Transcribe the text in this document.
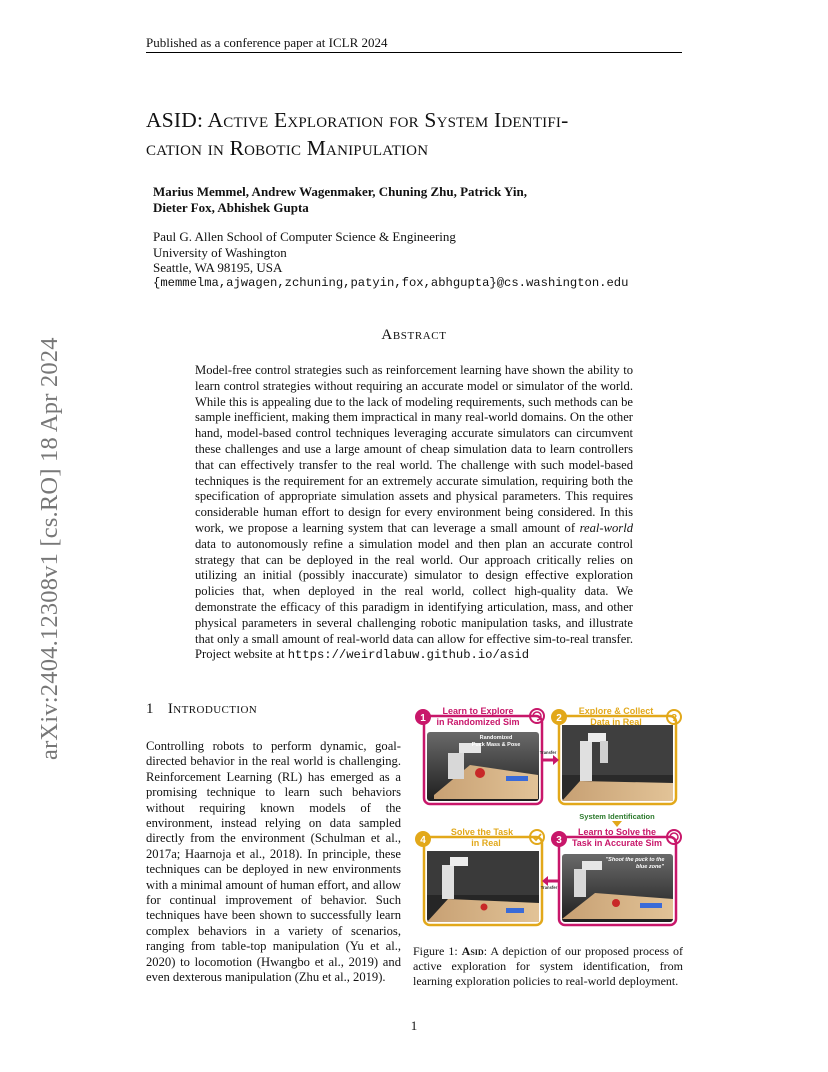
Published as a conference paper at ICLR 2024
ASID: Active Exploration for System Identifi-
cation in Robotic Manipulation
Marius Memmel, Andrew Wagenmaker, Chuning Zhu, Patrick Yin,
Dieter Fox, Abhishek Gupta
Paul G. Allen School of Computer Science & Engineering
University of Washington
Seattle, WA 98195, USA
{memmelma,ajwagen,zchuning,patyin,fox,abhgupta}@cs.washington.edu
arXiv:2404.12308v1 [cs.RO] 18 Apr 2024
Abstract
Model-free control strategies such as reinforcement learning have shown the ability to learn control strategies without requiring an accurate model or simulator of the world. While this is appealing due to the lack of modeling requirements, such methods can be sample inefficient, making them impractical in many real-world domains. On the other hand, model-based control techniques leveraging accurate simulators can circumvent these challenges and use a large amount of cheap simulation data to learn controllers that can effectively transfer to the real world. The challenge with such model-based techniques is the requirement for an extremely accurate simulation, requiring both the specification of appropriate simulation assets and physical parameters. This requires considerable human effort to design for every environment being considered. In this work, we propose a learning system that can leverage a small amount of real-world data to autonomously refine a simulation model and then plan an accurate control strategy that can be deployed in the real world. Our approach critically relies on utilizing an initial (possibly inaccurate) simulator to design effective exploration policies that, when deployed in the real world, collect high-quality data. We demonstrate the efficacy of this paradigm in identifying articulation, mass, and other physical parameters in several challenging robotic manipulation tasks, and illustrate that only a small amount of real-world data can allow for effective sim-to-real transfer. Project website at https://weirdlabuw.github.io/asid
1 Introduction
Controlling robots to perform dynamic, goal-directed behavior in the real world is challenging. Reinforcement Learning (RL) has emerged as a promising technique to learn such behaviors without requiring known models of the environment, instead relying on data sampled directly from the environment (Schulman et al., 2017a; Haarnoja et al., 2018). In principle, these techniques can be deployed in new environments with a minimal amount of human effort, and allow for continual improvement of behavior. Such techniques have been shown to successfully learn complex behaviors in a variety of scenarios, ranging from table-top manipulation (Yu et al., 2020) to locomotion (Hwangbo et al., 2019) and even dexterous manipulation (Zhu et al., 2019).
Randomized
Puck Mass & Pose
"Shoot the puck to the
blue zone"
Learn to Explore
in Randomized Sim
Explore & Collect
Data in Real
Learn to Solve the
Task in Accurate Sim
Solve the Task
in Real
1	2
3
4
?
Transfer
Transfer
System Identification
Figure 1: Asid: A depiction of our proposed process of active exploration for system identification, from learning exploration policies to real-world deployment.
1
